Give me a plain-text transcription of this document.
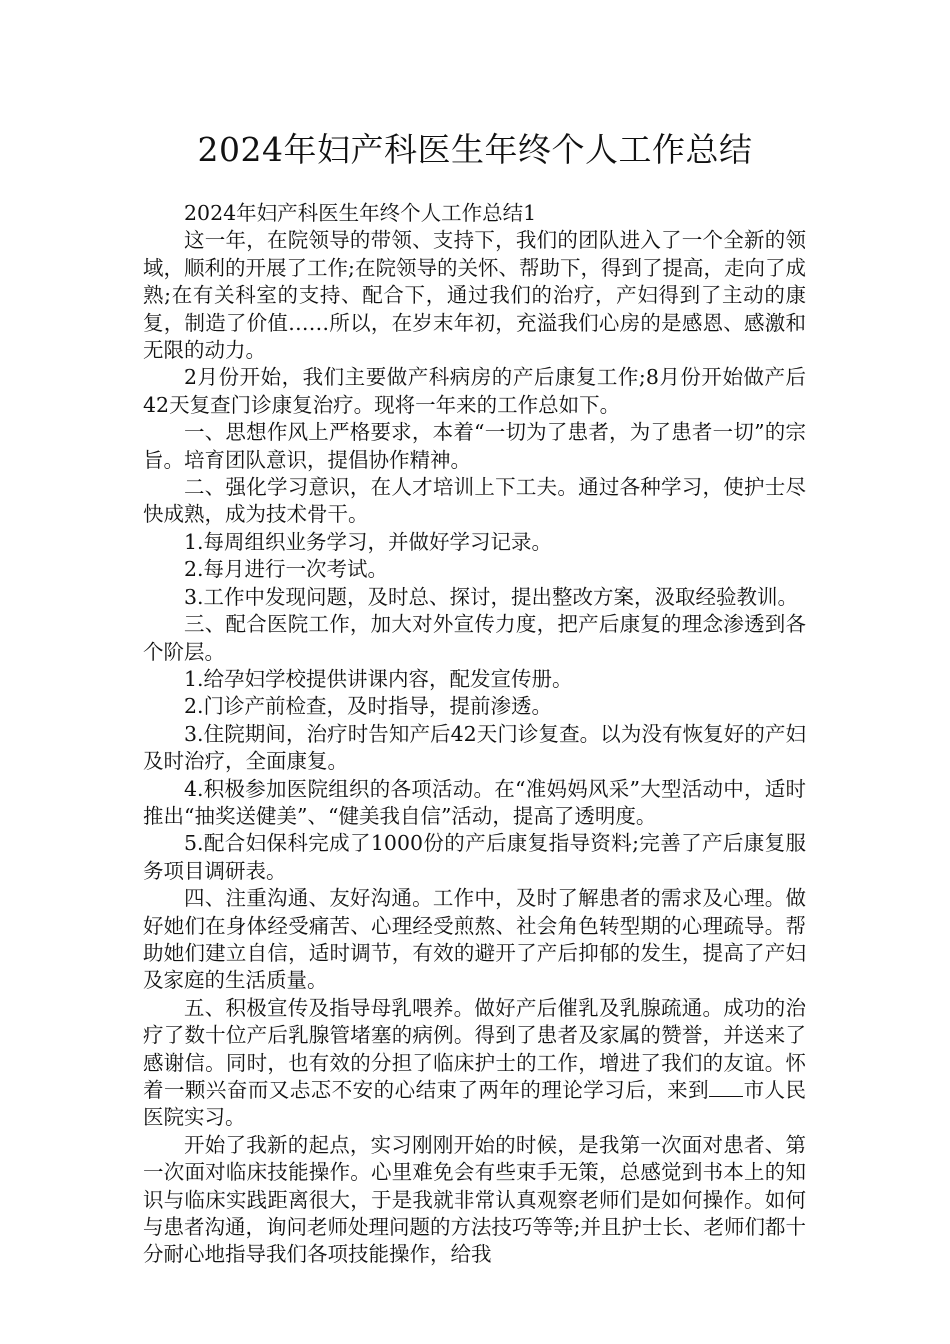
2024年妇产科医生年终个人工作总结

2024年妇产科医生年终个人工作总结1

这一年，在院领导的带领、支持下，我们的团队进入了一个全新的领域，顺利的开展了工作;在院领导的关怀、帮助下，得到了提高，走向了成熟;在有关科室的支持、配合下，通过我们的治疗，产妇得到了主动的康复，制造了价值……所以，在岁末年初，充溢我们心房的是感恩、感激和无限的动力。

2月份开始，我们主要做产科病房的产后康复工作;8月份开始做产后42天复查门诊康复治疗。现将一年来的工作总如下。

一、思想作风上严格要求，本着“一切为了患者，为了患者一切”的宗旨。培育团队意识，提倡协作精神。

二、强化学习意识，在人才培训上下工夫。通过各种学习，使护士尽快成熟，成为技术骨干。

1.每周组织业务学习，并做好学习记录。

2.每月进行一次考试。

3.工作中发现问题，及时总、探讨，提出整改方案，汲取经验教训。

三、配合医院工作，加大对外宣传力度，把产后康复的理念渗透到各个阶层。

1.给孕妇学校提供讲课内容，配发宣传册。

2.门诊产前检查，及时指导，提前渗透。

3.住院期间，治疗时告知产后42天门诊复查。以为没有恢复好的产妇及时治疗，全面康复。

4.积极参加医院组织的各项活动。在“准妈妈风采”大型活动中，适时推出“抽奖送健美”、“健美我自信”活动，提高了透明度。

5.配合妇保科完成了1000份的产后康复指导资料;完善了产后康复服务项目调研表。

四、注重沟通、友好沟通。工作中，及时了解患者的需求及心理。做好她们在身体经受痛苦、心理经受煎熬、社会角色转型期的心理疏导。帮助她们建立自信，适时调节，有效的避开了产后抑郁的发生，提高了产妇及家庭的生活质量。

五、积极宣传及指导母乳喂养。做好产后催乳及乳腺疏通。成功的治疗了数十位产后乳腺管堵塞的病例。得到了患者及家属的赞誉，并送来了感谢信。同时，也有效的分担了临床护士的工作，增进了我们的友谊。怀着一颗兴奋而又忐忑不安的心结束了两年的理论学习后，来到 市人民医院实习。

开始了我新的起点，实习刚刚开始的时候，是我第一次面对患者、第一次面对临床技能操作。心里难免会有些束手无策，总感觉到书本上的知识与临床实践距离很大，于是我就非常认真观察老师们是如何操作。如何与患者沟通，询问老师处理问题的方法技巧等等;并且护士长、老师们都十分耐心地指导我们各项技能操作，给我
